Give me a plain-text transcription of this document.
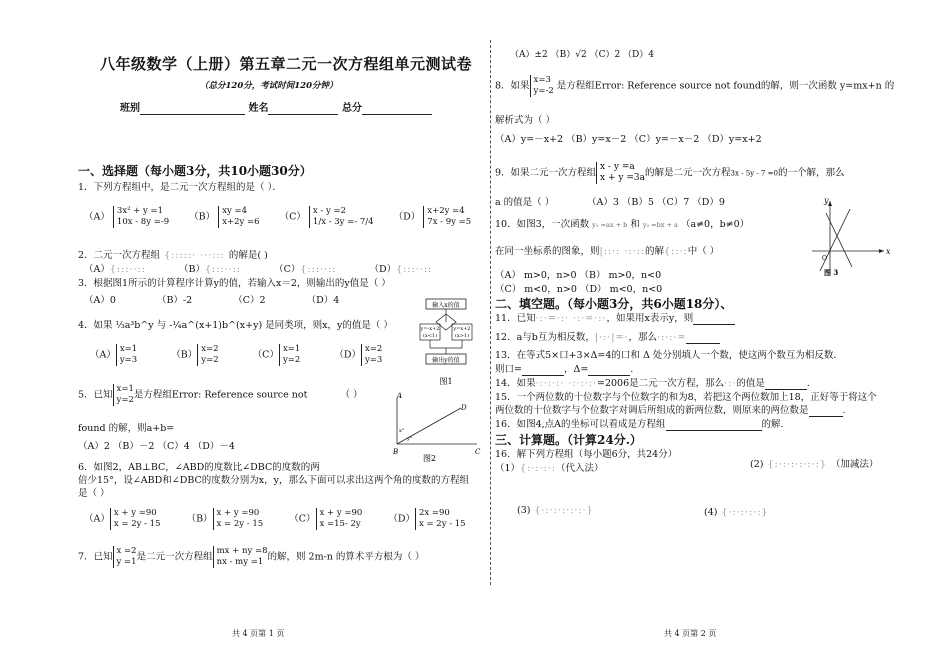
八年级数学（上册）第五章二元一次方程组单元测试卷
（总分120分，考试时间120分钟）
班别	姓名	总分
一、选择题（每小题3分，共10小题30分）
1．下列方程组中，是二元一次方程组的是（ ）．
（A） 3x² + y =1
10x - 8y =-9 （B） xy =4
x+2y =6 （C） x - y =2
1/x - 3y =- 7/4 （D） x+2y =4
7x - 9y =5
2．二元一次方程组 {:::::· ···::: 的解是( )
（A）{:::··::	（B）{:::··::	（C）{:::··::	（D）{:::··::
3．根据图1所示的计算程序计算y的值，若输入x＝2，则输出的y值是（ ）
（A）0	（B）-2	（C）2	（D）4	输入x的值
y=-x+2
(x<1)
y=x+2
(x>1)
输出y的值
图1
4．如果 ⅓a³b^y 与 -¼a^(x+1)b^(x+y) 是同类项，则x，y的值是（ ）
（A）x=1
y=3	（B）x=2
y=2	（C）x=1
y=2	（D）x=2
y=3
5．已知x=1
y=2是方程组Error: Reference source not	（ ）
found 的解，则a+b=
（A）2 （B）－2 （C）4 （D）－4
A
B	C
D
x°
y°
图2
6．如图2，AB⊥BC，∠ABD的度数比∠DBC的度数的两
倍少15°，设∠ABD和∠DBC的度数分别为x，y，那么下面可以求出这两个角的度数的方程组
是（ ）
（A）x + y =90
x = 2y - 15	（B）x + y =90
x = 2y - 15	（C）x + y =90
x =15- 2y	（D）2x =90
x = 2y - 15
7．已知x =2
y =1是二元一次方程组mx + ny =8
nx - my =1 的解，则 2m-n 的算术平方根为（ ）
共 4 页第 1 页
（A）±2 （B）√2 （C）2 （D）4
8．如果x=3
y=-2 是方程组Error: Reference source not found的解，则一次函数 y=mx+n 的
解析式为（ ）
（A）y=－x+2 （B）y=x－2 （C）y=－x－2 （D）y=x+2
9．如果二元一次方程组x - y =a
x + y =3a的解是二元一次方程3x - 5y - 7 =0的一个解，那么
a 的值是（ ）	（A）3 （B）5 （C）7 （D）9
10．如图3，一次函数 y₁ =ax + b 和 y₂ =bx + a （a≠0，b≠0）
在同一坐标系的图象，则|::·: ·:·::的解{::·:中（ ）
（A） m>0，n>0 （B） m>0，n<0
（C） m<0，n>0 （D） m<0，n<0
x
y
O
图 3
二、填空题。（每小题3分，共6小题18分）、
11．已知·:·=·:· ·:·=·:·，如果用x表示y，则
12．a与b互为相反数，|·:·|=·，那么·:·:·=
13．在等式5×口+3×Δ=4的口和 Δ 处分别填人一个数，使这两个数互为相反数．
则口=	，Δ=	.
14．如果·:·:·:· ·:·:·:·=2006是二元一次方程，那么·:·的值是	.
15．一个两位数的十位数字与个位数字的和为8，若把这个两位数加上18，正好等于将这个
两位数的十位数字与个位数字对调后所组成的新两位数，则原来的两位数是	.
16．如图4,点A的坐标可以看成是方程组	的解.
三、计算题。（计算24分.）
16．解下列方程组（每小题6分，共24分）
（1）{:·:·:·:（代入法）	(2) {:·:·:·:·:·:} （加减法）
(3) {·:·:·:·:·:·}	(4) {·:·:·:·:}
共 4 页第 2 页
